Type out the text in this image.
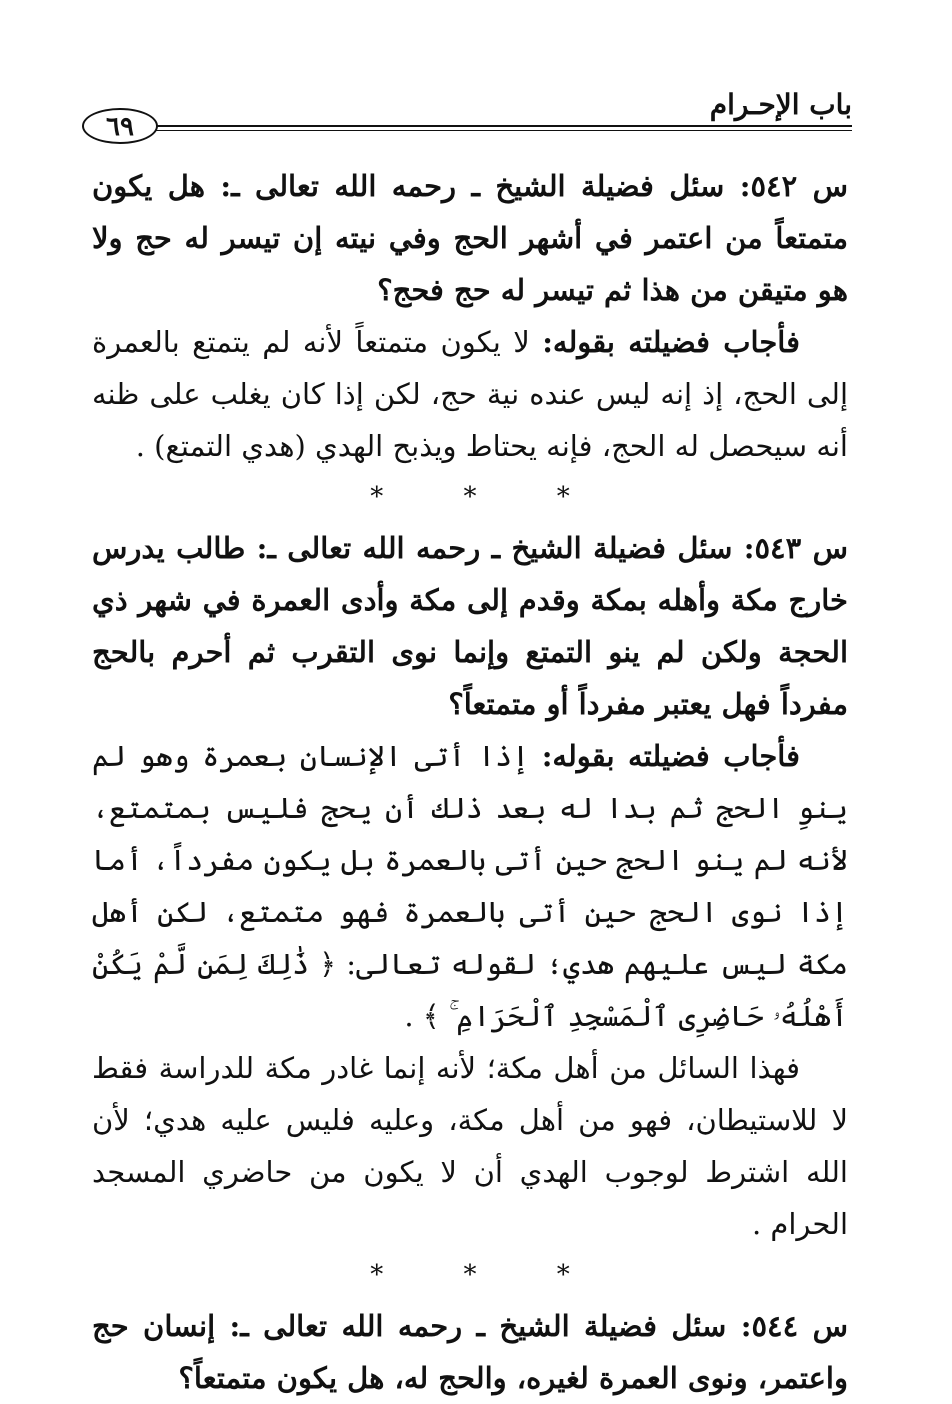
باب الإحـرام
٦٩

س ٥٤٢: سئل فضيلة الشيخ ـ رحمه الله تعالى ـ: هل يكون متمتعاً من اعتمر في أشهر الحج وفي نيته إن تيسر له حج ولا هو متيقن من هذا ثم تيسر له حج فحج؟

فأجاب فضيلته بقوله: لا يكون متمتعاً لأنه لم يتمتع بالعمرة إلى الحج، إذ إنه ليس عنده نية حج، لكن إذا كان يغلب على ظنه أنه سيحصل له الحج، فإنه يحتاط ويذبح الهدي (هدي التمتع) .

* * *

س ٥٤٣: سئل فضيلة الشيخ ـ رحمه الله تعالى ـ: طالب يدرس خارج مكة وأهله بمكة وقدم إلى مكة وأدى العمرة في شهر ذي الحجة ولكن لم ينو التمتع وإنما نوى التقرب ثم أحرم بالحج مفرداً فهل يعتبر مفرداً أو متمتعاً؟

فأجاب فضيلته بقوله: إذا أتى الإنسان بعمرة وهو لم ينوِ الحج ثم بدا له بعد ذلك أن يحج فليس بمتمتع، لأنه لم ينو الحج حين أتى بالعمرة بل يكون مفرداً، أما إذا نوى الحج حين أتى بالعمرة فهو متمتع، لكن أهل مكة ليس عليهم هدي؛ لقوله تعالى: ﴿ ذَٰلِكَ لِمَن لَّمْ يَكُنْ أَهْلُهُۥ حَاضِرِى ٱلْمَسْجِدِ ٱلْحَرَامِ ۚ ﴾ .

فهذا السائل من أهل مكة؛ لأنه إنما غادر مكة للدراسة فقط لا للاستيطان، فهو من أهل مكة، وعليه فليس عليه هدي؛ لأن الله اشترط لوجوب الهدي أن لا يكون من حاضري المسجد الحرام .

* * *

س ٥٤٤: سئل فضيلة الشيخ ـ رحمه الله تعالى ـ: إنسان حج واعتمر، ونوى العمرة لغيره، والحج له، هل يكون متمتعاً؟
